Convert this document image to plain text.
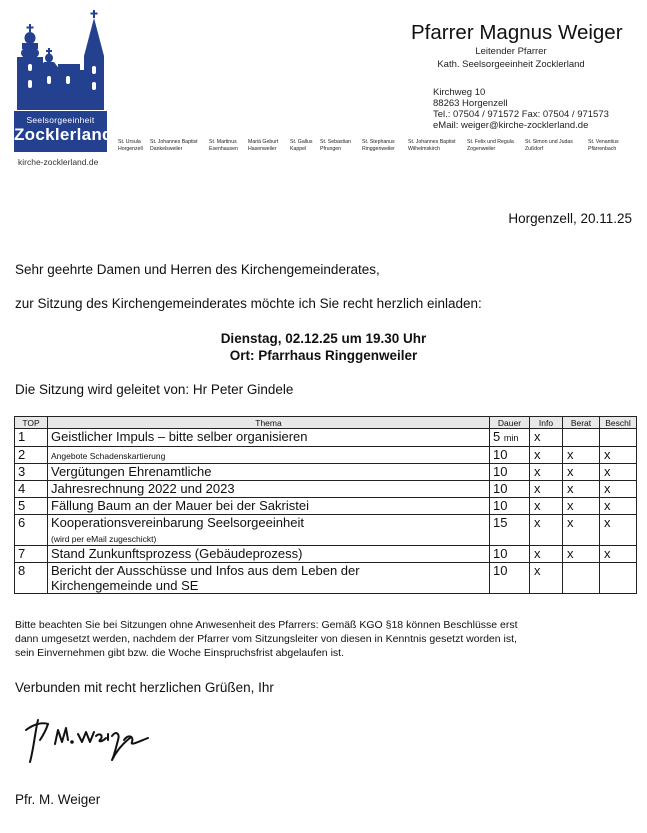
Seelsorgeeinheit
Zocklerland
kirche-zocklerland.de
St. Ursula
Horgenzell
St. Johannes Baptist
Dankelsweiler
St. Martinus
Esenhausen
Mariä Geburt
Hasenweiler
St. Gallus
Kappel
St. Sebastian
Pfrungen
St. Stephanus
Ringgenweiler
St. Johannes Baptist
Wilhelmskirch
St. Felix und Regula
Zogenweiler
St. Simon und Judas
Zußdorf
St. Venantius
Pfärrenbach
Pfarrer Magnus Weiger
Leitender Pfarrer
Kath. Seelsorgeeinheit Zocklerland
Kirchweg 10
88263 Horgenzell
Tel.: 07504 / 971572 Fax: 07504 / 971573
eMail: weiger@kirche-zocklerland.de
Horgenzell, 20.11.25
Sehr geehrte Damen und Herren des Kirchengemeinderates,
zur Sitzung des Kirchengemeinderates möchte ich Sie recht herzlich einladen:
Dienstag, 02.12.25 um 19.30 Uhr
Ort: Pfarrhaus Ringgenweiler
Die Sitzung wird geleitet von: Hr Peter Gindele
TOP	Thema	Dauer	Info	Berat	Beschl
1	Geistlicher Impuls – bitte selber organisieren	5 min	x		
2	Angebote Schadenskartierung	10	x	x	x
3	Vergütungen Ehrenamtliche	10	x	x	x
4	Jahresrechnung 2022 und 2023	10	x	x	x
5	Fällung Baum an der Mauer bei der Sakristei	10	x	x	x
6	Kooperationsvereinbarung Seelsorgeeinheit
(wird per eMail zugeschickt)	15	x	x	x
7	Stand Zunkunftsprozess (Gebäudeprozess)	10	x	x	x
8	Bericht der Ausschüsse und Infos aus dem Leben der
Kirchengemeinde und SE	10	x		
Bitte beachten Sie bei Sitzungen ohne Anwesenheit des Pfarrers: Gemäß KGO §18 können Beschlüsse erst
dann umgesetzt werden, nachdem der Pfarrer vom Sitzungsleiter von diesen in Kenntnis gesetzt worden ist,
sein Einvernehmen gibt bzw. die Woche Einspruchsfrist abgelaufen ist.
Verbunden mit recht herzlichen Grüßen, Ihr
Pfr. M. Weiger
